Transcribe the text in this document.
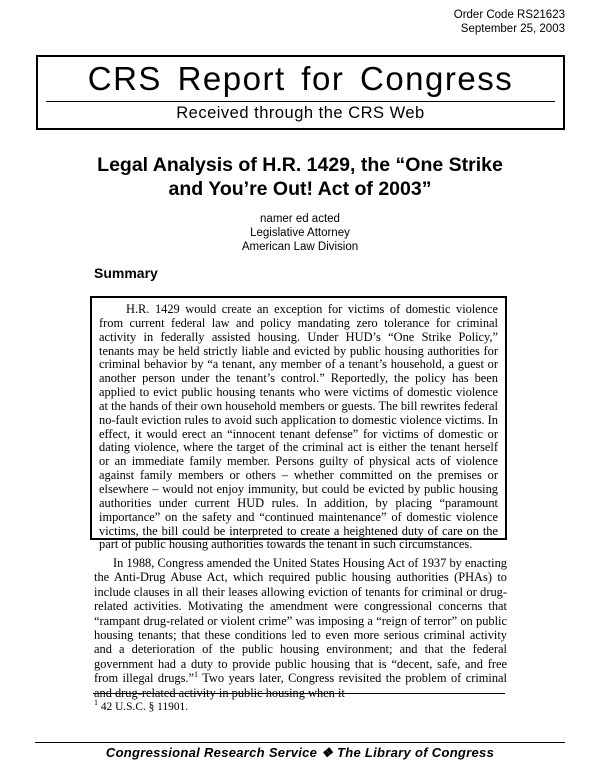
Order Code RS21623
September 25, 2003
CRS Report for Congress
Received through the CRS Web
Legal Analysis of H.R. 1429, the “One Strike
and You’re Out! Act of 2003”
namer ed acted
Legislative Attorney
American Law Division
Summary

H.R. 1429 would create an exception for victims of domestic violence from current federal law and policy mandating zero tolerance for criminal activity in federally assisted housing. Under HUD’s “One Strike Policy,” tenants may be held strictly liable and evicted by public housing authorities for criminal behavior by “a tenant, any member of a tenant’s household, a guest or another person under the tenant’s control.” Reportedly, the policy has been applied to evict public housing tenants who were victims of domestic violence at the hands of their own household members or guests. The bill rewrites federal no-fault eviction rules to avoid such application to domestic violence victims. In effect, it would erect an “innocent tenant defense” for victims of domestic or dating violence, where the target of the criminal act is either the tenant herself or an immediate family member. Persons guilty of physical acts of violence against family members or others – whether committed on the premises or elsewhere – would not enjoy immunity, but could be evicted by public housing authorities under current HUD rules. In addition, by placing “paramount importance” on the safety and “continued maintenance” of domestic violence victims, the bill could be interpreted to create a heightened duty of care on the part of public housing authorities towards the tenant in such circumstances.

In 1988, Congress amended the United States Housing Act of 1937 by enacting the Anti-Drug Abuse Act, which required public housing authorities (PHAs) to include clauses in all their leases allowing eviction of tenants for criminal or drug-related activities. Motivating the amendment were congressional concerns that “rampant drug-related or violent crime” was imposing a “reign of terror” on public housing tenants; that these conditions led to even more serious criminal activity and a deterioration of the public housing environment; and that the federal government had a duty to provide public housing that is “decent, safe, and free from illegal drugs.”$^1$ Two years later, Congress revisited the problem of criminal and drug-related activity in public housing when it

$^1$ 42 U.S.C. § 11901.

Congressional Research Service ❖ The Library of Congress
